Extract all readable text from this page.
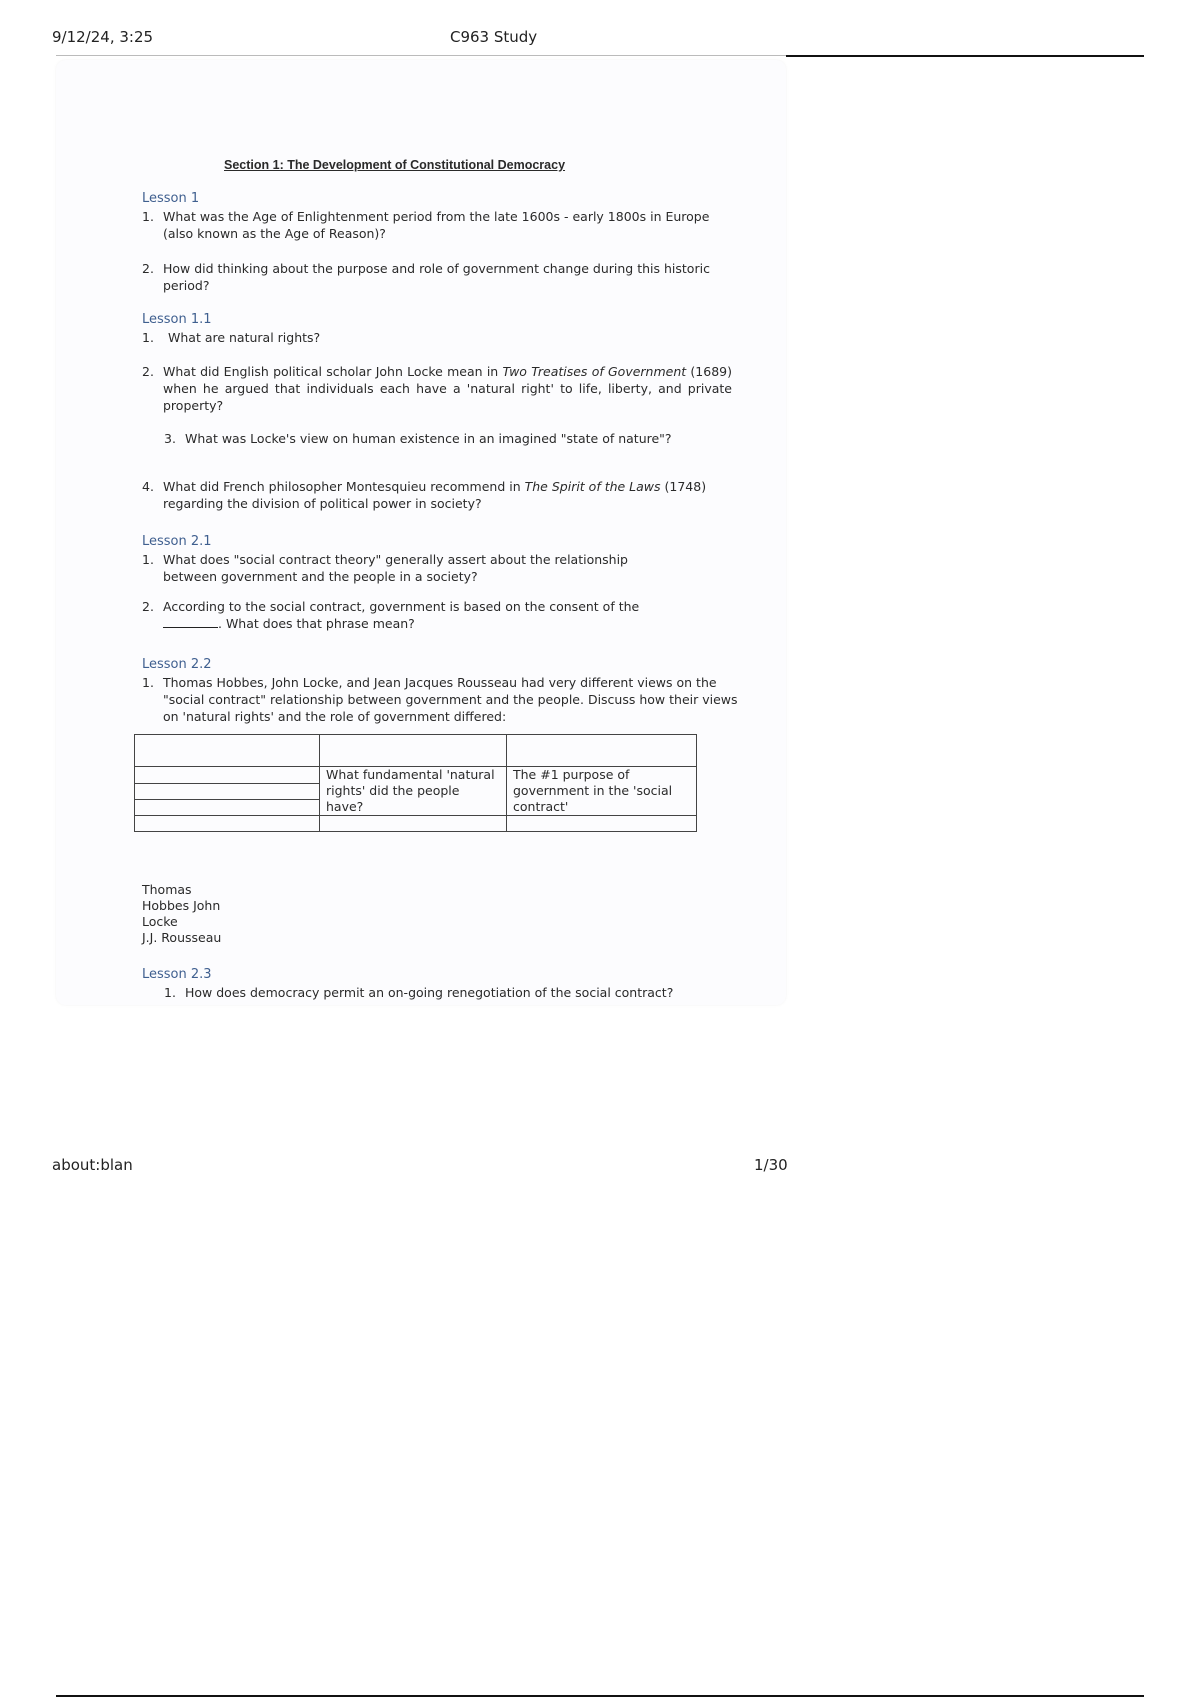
9/12/24, 3:25	C963 Study
Section 1: The Development of Constitutional Democracy
Lesson 1
1. What was the Age of Enlightenment period from the late 1600s - early 1800s in Europe (also known as the Age of Reason)?
2. How did thinking about the purpose and role of government change during this historic period?
Lesson 1.1
1. What are natural rights?
2. What did English political scholar John Locke mean in Two Treatises of Government (1689) when he argued that individuals each have a 'natural right' to life, liberty, and private property?
3. What was Locke's view on human existence in an imagined "state of nature"?
4. What did French philosopher Montesquieu recommend in The Spirit of the Laws (1748) regarding the division of political power in society?
Lesson 2.1
1. What does "social contract theory" generally assert about the relationship between government and the people in a society?
2. According to the social contract, government is based on the consent of the
. What does that phrase mean?
Lesson 2.2
1. Thomas Hobbes, John Locke, and Jean Jacques Rousseau had very different views on the "social contract" relationship between government and the people. Discuss how their views on 'natural rights' and the role of government differed:

	What fundamental 'natural rights' did the people have?	The #1 purpose of government in the 'social contract'

Thomas
Hobbes John
Locke
J.J. Rousseau
Lesson 2.3
1. How does democracy permit an on-going renegotiation of the social contract?
about:blan	1/30
